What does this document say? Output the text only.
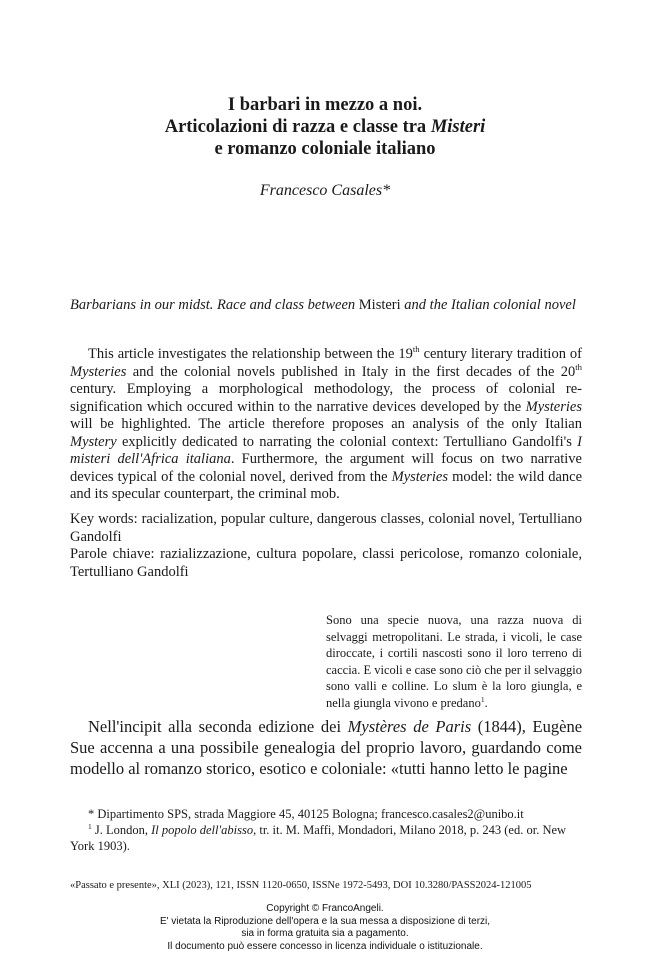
I barbari in mezzo a noi.
Articolazioni di razza e classe tra Misteri
e romanzo coloniale italiano
Francesco Casales*
Barbarians in our midst. Race and class between Misteri and the Italian colonial novel

This article investigates the relationship between the 19th century literary tradition of Mysteries and the colonial novels published in Italy in the first decades of the 20th century. Employing a morphological methodology, the process of colonial re-signification which occured within to the narrative devices developed by the Mysteries will be highlighted. The article therefore proposes an analysis of the only Italian Mystery explicitly dedicated to narrating the colonial context: Tertulliano Gandolfi's I misteri dell'Africa italiana. Furthermore, the argument will focus on two narrative devices typical of the colonial novel, derived from the Mysteries model: the wild dance and its specular counterpart, the criminal mob.

Key words: racialization, popular culture, dangerous classes, colonial novel, Tertulliano Gandolfi

Parole chiave: razializzazione, cultura popolare, classi pericolose, romanzo coloniale, Tertulliano Gandolfi

Sono una specie nuova, una razza nuova di selvaggi metropolitani. Le strada, i vicoli, le case diroccate, i cortili nascosti sono il loro terreno di caccia. E vicoli e case sono ciò che per il selvaggio sono valli e colline. Lo slum è la loro giungla, e nella giungla vivono e predano$^1$.

Nell'incipit alla seconda edizione dei Mystères de Paris (1844), Eugène Sue accenna a una possibile genealogia del proprio lavoro, guardando come modello al romanzo storico, esotico e coloniale: «tutti hanno letto le pagine

* Dipartimento SPS, strada Maggiore 45, 40125 Bologna; francesco.casales2@unibo.it

$^1$ J. London, Il popolo dell'abisso, tr. it. M. Maffi, Mondadori, Milano 2018, p. 243 (ed. or. New York 1903).

«Passato e presente», XLI (2023), 121, ISSN 1120-0650, ISSNe 1972-5493, DOI 10.3280/PASS2024-121005
Copyright © FrancoAngeli.
E' vietata la Riproduzione dell'opera e la sua messa a disposizione di terzi,
sia in forma gratuita sia a pagamento.
Il documento può essere concesso in licenza individuale o istituzionale.
